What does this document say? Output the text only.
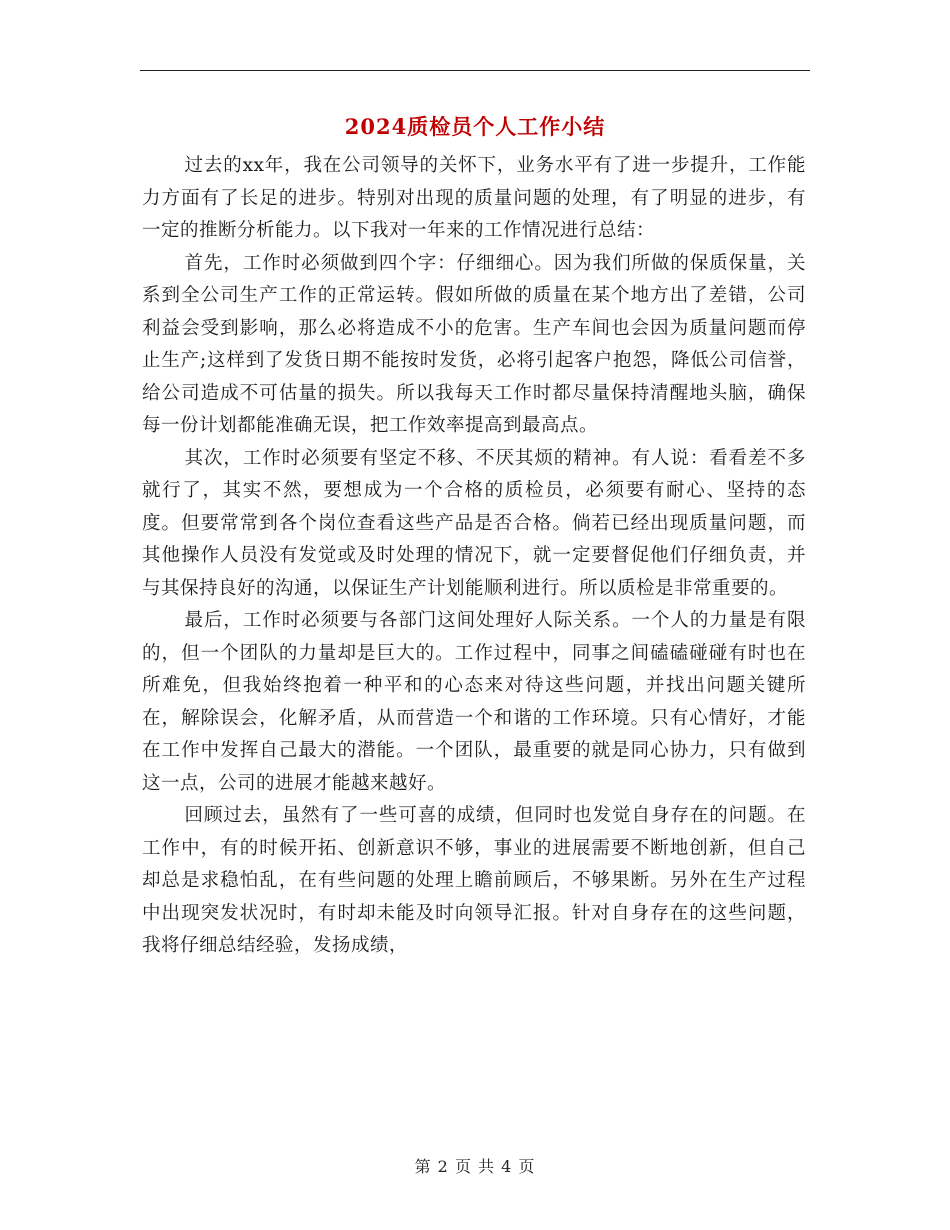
2024质检员个人工作小结

过去的xx年，我在公司领导的关怀下，业务水平有了进一步提升，工作能力方面有了长足的进步。特别对出现的质量问题的处理，有了明显的进步，有一定的推断分析能力。以下我对一年来的工作情况进行总结：

首先，工作时必须做到四个字：仔细细心。因为我们所做的保质保量，关系到全公司生产工作的正常运转。假如所做的质量在某个地方出了差错，公司利益会受到影响，那么必将造成不小的危害。生产车间也会因为质量问题而停止生产;这样到了发货日期不能按时发货，必将引起客户抱怨，降低公司信誉，给公司造成不可估量的损失。所以我每天工作时都尽量保持清醒地头脑，确保每一份计划都能准确无误，把工作效率提高到最高点。

其次，工作时必须要有坚定不移、不厌其烦的精神。有人说：看看差不多就行了，其实不然，要想成为一个合格的质检员，必须要有耐心、坚持的态度。但要常常到各个岗位查看这些产品是否合格。倘若已经出现质量问题，而其他操作人员没有发觉或及时处理的情况下，就一定要督促他们仔细负责，并与其保持良好的沟通，以保证生产计划能顺利进行。所以质检是非常重要的。

最后，工作时必须要与各部门这间处理好人际关系。一个人的力量是有限的，但一个团队的力量却是巨大的。工作过程中，同事之间磕磕碰碰有时也在所难免，但我始终抱着一种平和的心态来对待这些问题，并找出问题关键所在，解除误会，化解矛盾，从而营造一个和谐的工作环境。只有心情好，才能在工作中发挥自己最大的潜能。一个团队，最重要的就是同心协力，只有做到这一点，公司的进展才能越来越好。

回顾过去，虽然有了一些可喜的成绩，但同时也发觉自身存在的问题。在工作中，有的时候开拓、创新意识不够，事业的进展需要不断地创新，但自己却总是求稳怕乱，在有些问题的处理上瞻前顾后，不够果断。另外在生产过程中出现突发状况时，有时却未能及时向领导汇报。针对自身存在的这些问题，我将仔细总结经验，发扬成绩，

第 2 页 共 4 页
